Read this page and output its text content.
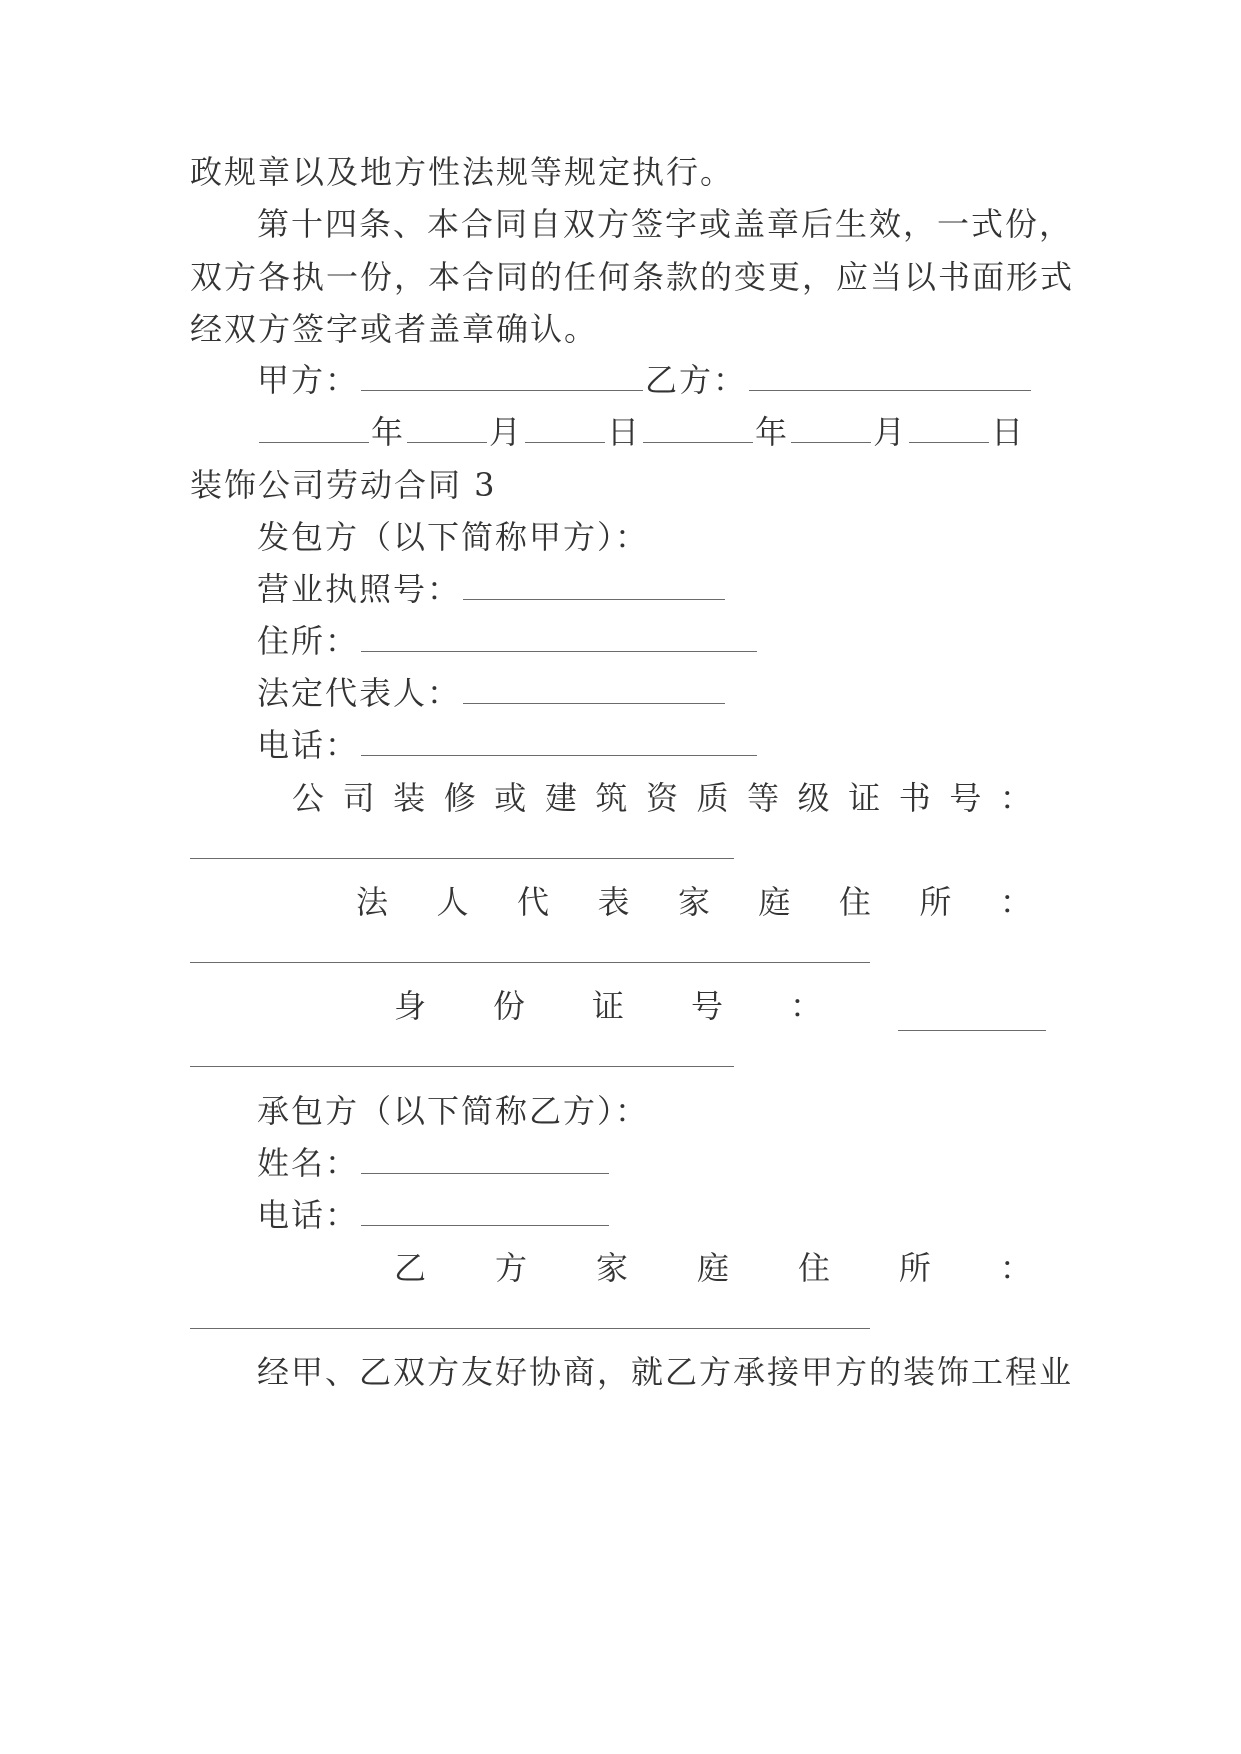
政规章以及地方性法规等规定执行。
第十四条、本合同自双方签字或盖章后生效，一式份，
双方各执一份，本合同的任何条款的变更，应当以书面形式
经双方签字或者盖章确认。
甲方：	乙方：
年	月	日	年	月	日
装饰公司劳动合同 3
发包方（以下简称甲方）：
营业执照号：
住所：
法定代表人：
电话：
公 司 装 修 或 建 筑 资 质 等 级 证 书 号 ：
法 人 代 表 家 庭 住 所 ：
身 份 证 号 ：
承包方（以下简称乙方）：
姓名：
电话：
乙 方 家 庭 住 所 ：
经甲、乙双方友好协商，就乙方承接甲方的装饰工程业
